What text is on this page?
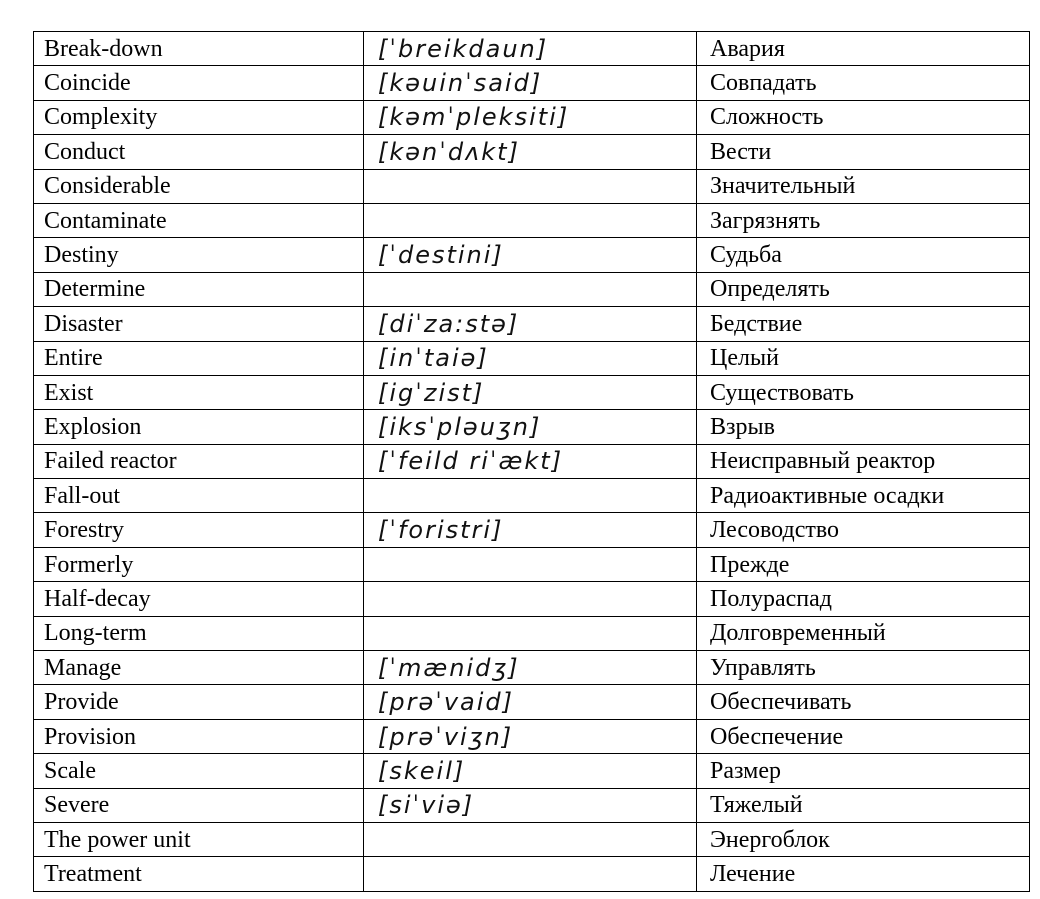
Break-down	[ˈbreikdaun]	Авария
Coincide	[kəuinˈsaid]	Совпадать
Complexity	[kəmˈpleksiti]	Сложность
Conduct	[kənˈdʌkt]	Вести
Considerable		Значительный
Contaminate		Загрязнять
Destiny	[ˈdestini]	Судьба
Determine		Определять
Disaster	[diˈza:stə]	Бедствие
Entire	[inˈtaiə]	Целый
Exist	[igˈzist]	Существовать
Explosion	[iksˈpləuʒn]	Взрыв
Failed reactor	[ˈfeild riˈækt]	Неисправный реактор
Fall-out		Радиоактивные осадки
Forestry	[ˈforistri]	Лесоводство
Formerly		Прежде
Half-decay		Полураспад
Long-term		Долговременный
Manage	[ˈmænidʒ]	Управлять
Provide	[prəˈvaid]	Обеспечивать
Provision	[prəˈviʒn]	Обеспечение
Scale	[skeil]	Размер
Severe	[siˈviə]	Тяжелый
The power unit		Энергоблок
Treatment		Лечение
